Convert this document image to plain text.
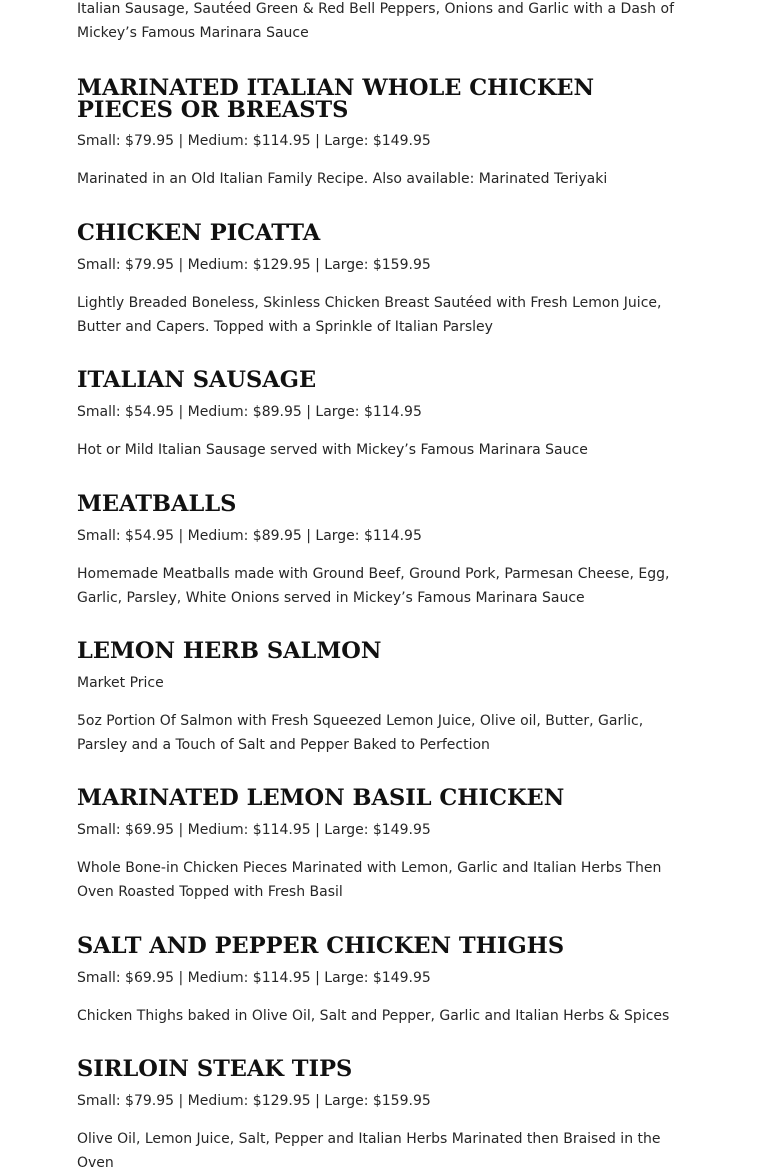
Italian Sausage, Sautéed Green & Red Bell Peppers, Onions and Garlic with a Dash of Mickey’s Famous Marinara Sauce

MARINATED ITALIAN WHOLE CHICKEN PIECES OR BREASTS

Small: $79.95 | Medium: $114.95 | Large: $149.95

Marinated in an Old Italian Family Recipe. Also available: Marinated Teriyaki

CHICKEN PICATTA

Small: $79.95 | Medium: $129.95 | Large: $159.95

Lightly Breaded Boneless, Skinless Chicken Breast Sautéed with Fresh Lemon Juice, Butter and Capers. Topped with a Sprinkle of Italian Parsley

ITALIAN SAUSAGE

Small: $54.95 | Medium: $89.95 | Large: $114.95

Hot or Mild Italian Sausage served with Mickey’s Famous Marinara Sauce

MEATBALLS

Small: $54.95 | Medium: $89.95 | Large: $114.95

Homemade Meatballs made with Ground Beef, Ground Pork, Parmesan Cheese, Egg, Garlic, Parsley, White Onions served in Mickey’s Famous Marinara Sauce

LEMON HERB SALMON

Market Price

5oz Portion Of Salmon with Fresh Squeezed Lemon Juice, Olive oil, Butter, Garlic, Parsley and a Touch of Salt and Pepper Baked to Perfection

MARINATED LEMON BASIL CHICKEN

Small: $69.95 | Medium: $114.95 | Large: $149.95

Whole Bone-in Chicken Pieces Marinated with Lemon, Garlic and Italian Herbs Then Oven Roasted Topped with Fresh Basil

SALT AND PEPPER CHICKEN THIGHS

Small: $69.95 | Medium: $114.95 | Large: $149.95

Chicken Thighs baked in Olive Oil, Salt and Pepper, Garlic and Italian Herbs & Spices

SIRLOIN STEAK TIPS

Small: $79.95 | Medium: $129.95 | Large: $159.95

Olive Oil, Lemon Juice, Salt, Pepper and Italian Herbs Marinated then Braised in the Oven
